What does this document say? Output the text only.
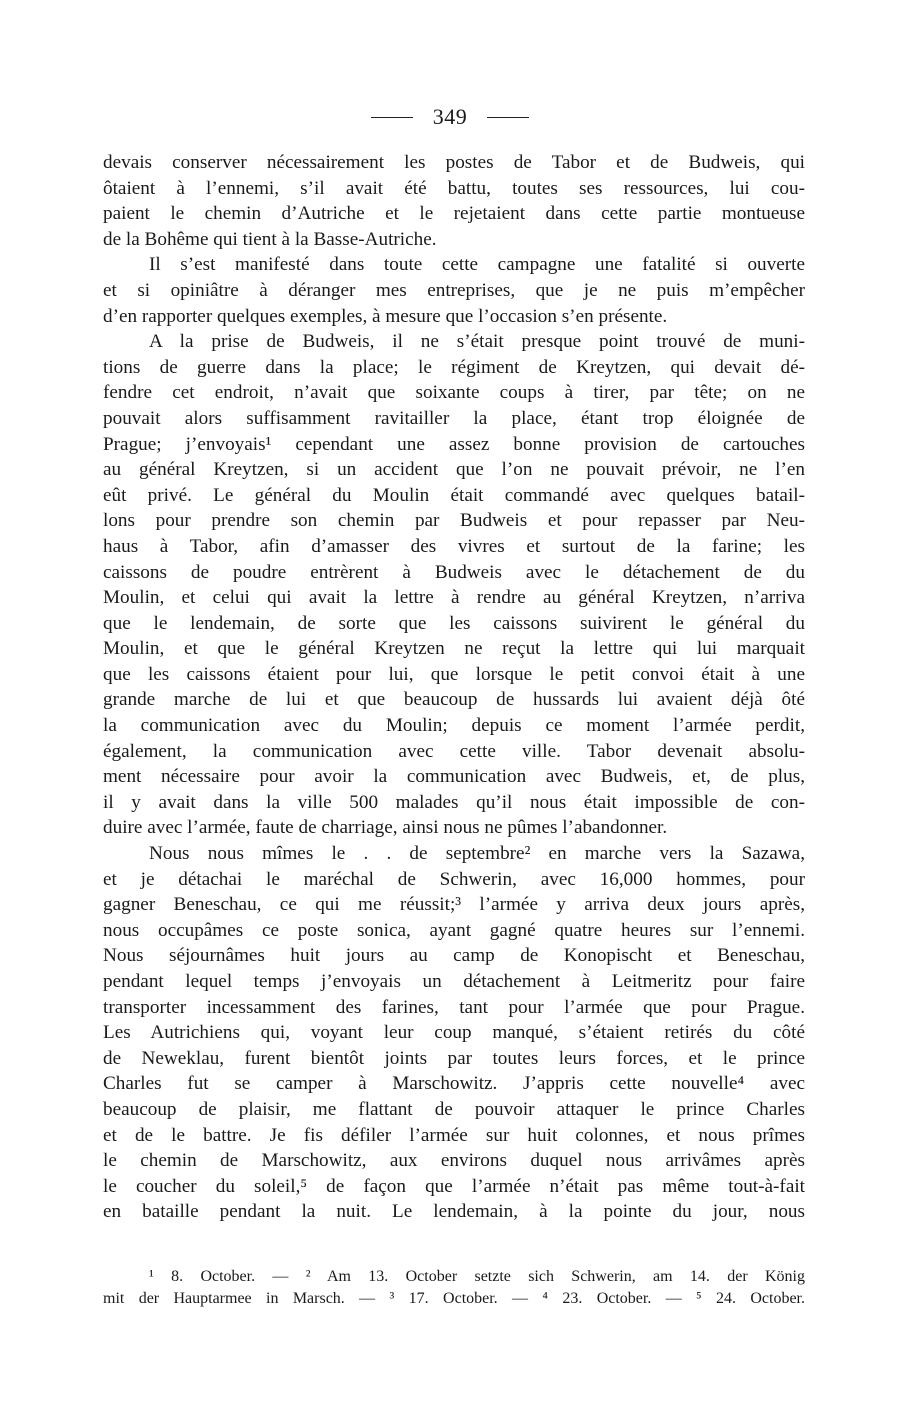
349
devais conserver nécessairement les postes de Tabor et de Budweis, qui
ôtaient à l’ennemi, s’il avait été battu, toutes ses ressources, lui cou-
paient le chemin d’Autriche et le rejetaient dans cette partie montueuse
de la Bohême qui tient à la Basse-Autriche.
Il s’est manifesté dans toute cette campagne une fatalité si ouverte
et si opiniâtre à déranger mes entreprises, que je ne puis m’empêcher
d’en rapporter quelques exemples, à mesure que l’occasion s’en présente.
A la prise de Budweis, il ne s’était presque point trouvé de muni-
tions de guerre dans la place; le régiment de Kreytzen, qui devait dé-
fendre cet endroit, n’avait que soixante coups à tirer, par tête; on ne
pouvait alors suffisamment ravitailler la place, étant trop éloignée de
Prague; j’envoyais¹ cependant une assez bonne provision de cartouches
au général Kreytzen, si un accident que l’on ne pouvait prévoir, ne l’en
eût privé. Le général du Moulin était commandé avec quelques batail-
lons pour prendre son chemin par Budweis et pour repasser par Neu-
haus à Tabor, afin d’amasser des vivres et surtout de la farine; les
caissons de poudre entrèrent à Budweis avec le détachement de du
Moulin, et celui qui avait la lettre à rendre au général Kreytzen, n’arriva
que le lendemain, de sorte que les caissons suivirent le général du
Moulin, et que le général Kreytzen ne reçut la lettre qui lui marquait
que les caissons étaient pour lui, que lorsque le petit convoi était à une
grande marche de lui et que beaucoup de hussards lui avaient déjà ôté
la communication avec du Moulin; depuis ce moment l’armée perdit,
également, la communication avec cette ville. Tabor devenait absolu-
ment nécessaire pour avoir la communication avec Budweis, et, de plus,
il y avait dans la ville 500 malades qu’il nous était impossible de con-
duire avec l’armée, faute de charriage, ainsi nous ne pûmes l’abandonner.
Nous nous mîmes le . . de septembre² en marche vers la Sazawa,
et je détachai le maréchal de Schwerin, avec 16,000 hommes, pour
gagner Beneschau, ce qui me réussit;³ l’armée y arriva deux jours après,
nous occupâmes ce poste sonica, ayant gagné quatre heures sur l’ennemi.
Nous séjournâmes huit jours au camp de Konopischt et Beneschau,
pendant lequel temps j’envoyais un détachement à Leitmeritz pour faire
transporter incessamment des farines, tant pour l’armée que pour Prague.
Les Autrichiens qui, voyant leur coup manqué, s’étaient retirés du côté
de Neweklau, furent bientôt joints par toutes leurs forces, et le prince
Charles fut se camper à Marschowitz. J’appris cette nouvelle⁴ avec
beaucoup de plaisir, me flattant de pouvoir attaquer le prince Charles
et de le battre. Je fis défiler l’armée sur huit colonnes, et nous prîmes
le chemin de Marschowitz, aux environs duquel nous arrivâmes après
le coucher du soleil,⁵ de façon que l’armée n’était pas même tout-à-fait
en bataille pendant la nuit. Le lendemain, à la pointe du jour, nous
¹ 8. October. — ² Am 13. October setzte sich Schwerin, am 14. der König
mit der Hauptarmee in Marsch. — ³ 17. October. — ⁴ 23. October. — ⁵ 24. October.
